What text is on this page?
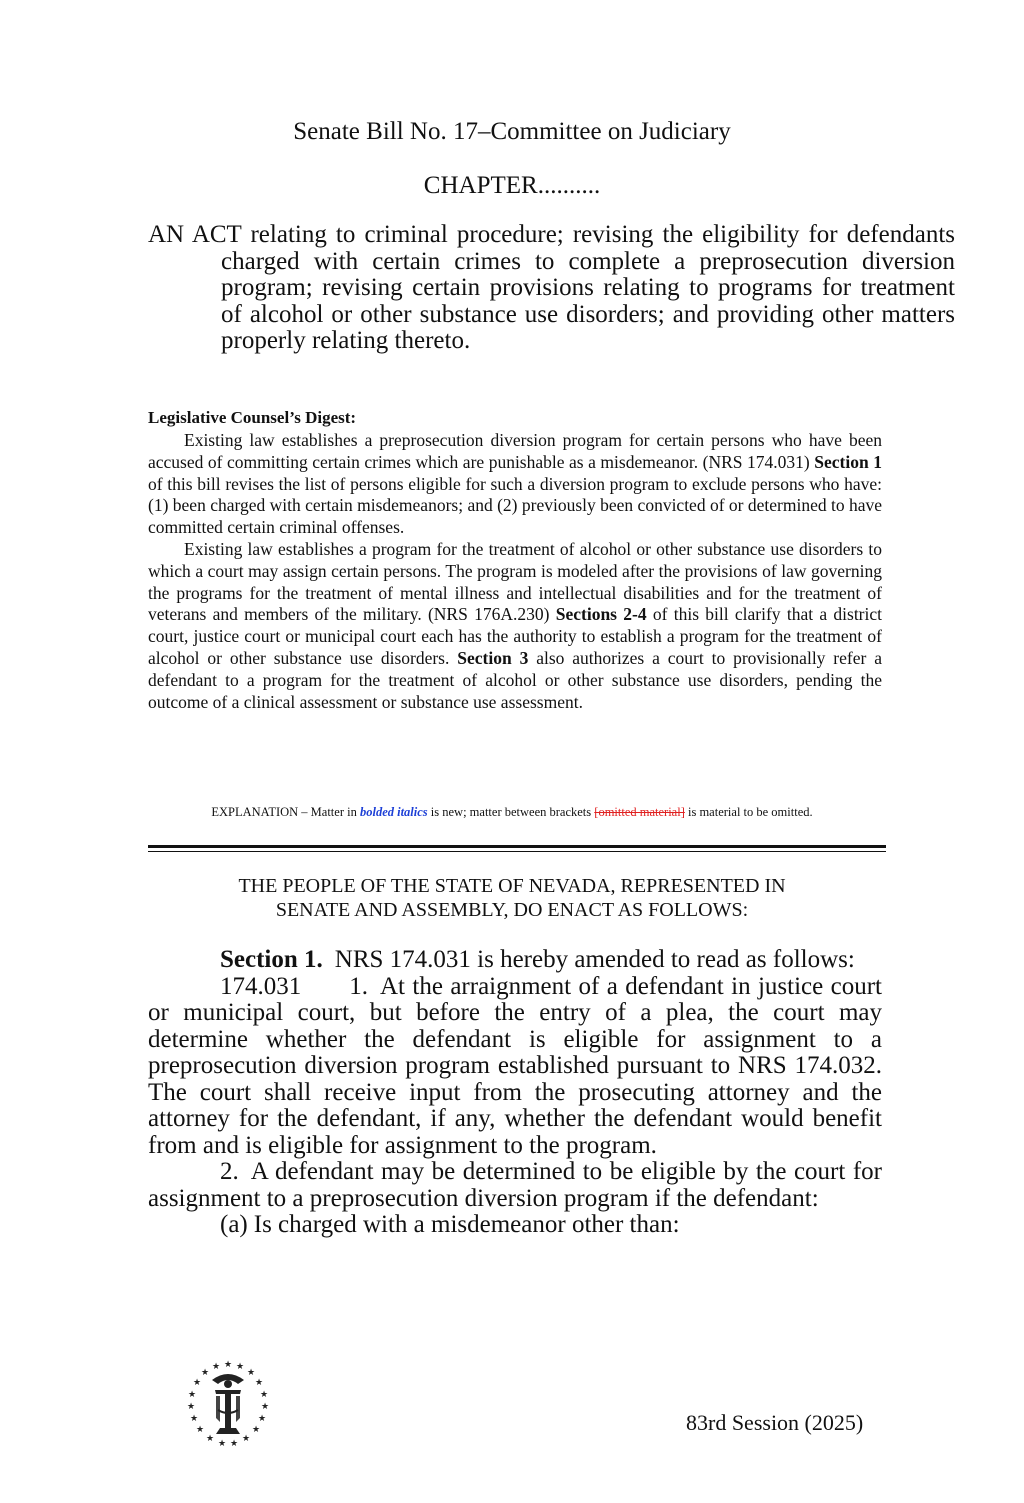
Senate Bill No. 17–Committee on Judiciary
CHAPTER..........
AN ACT relating to criminal procedure; revising the eligibility for defendants charged with certain crimes to complete a preprosecution diversion program; revising certain provisions relating to programs for treatment of alcohol or other substance use disorders; and providing other matters properly relating thereto.
Legislative Counsel’s Digest:

Existing law establishes a preprosecution diversion program for certain persons who have been accused of committing certain crimes which are punishable as a misdemeanor. (NRS 174.031) Section 1 of this bill revises the list of persons eligible for such a diversion program to exclude persons who have: (1) been charged with certain misdemeanors; and (2) previously been convicted of or determined to have committed certain criminal offenses.

Existing law establishes a program for the treatment of alcohol or other substance use disorders to which a court may assign certain persons. The program is modeled after the provisions of law governing the programs for the treatment of mental illness and intellectual disabilities and for the treatment of veterans and members of the military. (NRS 176A.230) Sections 2-4 of this bill clarify that a district court, justice court or municipal court each has the authority to establish a program for the treatment of alcohol or other substance use disorders. Section 3 also authorizes a court to provisionally refer a defendant to a program for the treatment of alcohol or other substance use disorders, pending the outcome of a clinical assessment or substance use assessment.

EXPLANATION – Matter in bolded italics is new; matter between brackets [omitted material] is material to be omitted.
THE PEOPLE OF THE STATE OF NEVADA, REPRESENTED IN
SENATE AND ASSEMBLY, DO ENACT AS FOLLOWS:

Section 1. NRS 174.031 is hereby amended to read as follows:

174.031 1. At the arraignment of a defendant in justice court or municipal court, but before the entry of a plea, the court may determine whether the defendant is eligible for assignment to a preprosecution diversion program established pursuant to NRS 174.032. The court shall receive input from the prosecuting attorney and the attorney for the defendant, if any, whether the defendant would benefit from and is eligible for assignment to the program.

2. A defendant may be determined to be eligible by the court for assignment to a preprosecution diversion program if the defendant:

(a) Is charged with a misdemeanor other than:

★ ★
★
★
★
★
★
★
★
★
★
★
★
★
★
★
★ ★
★
83rd Session (2025)
